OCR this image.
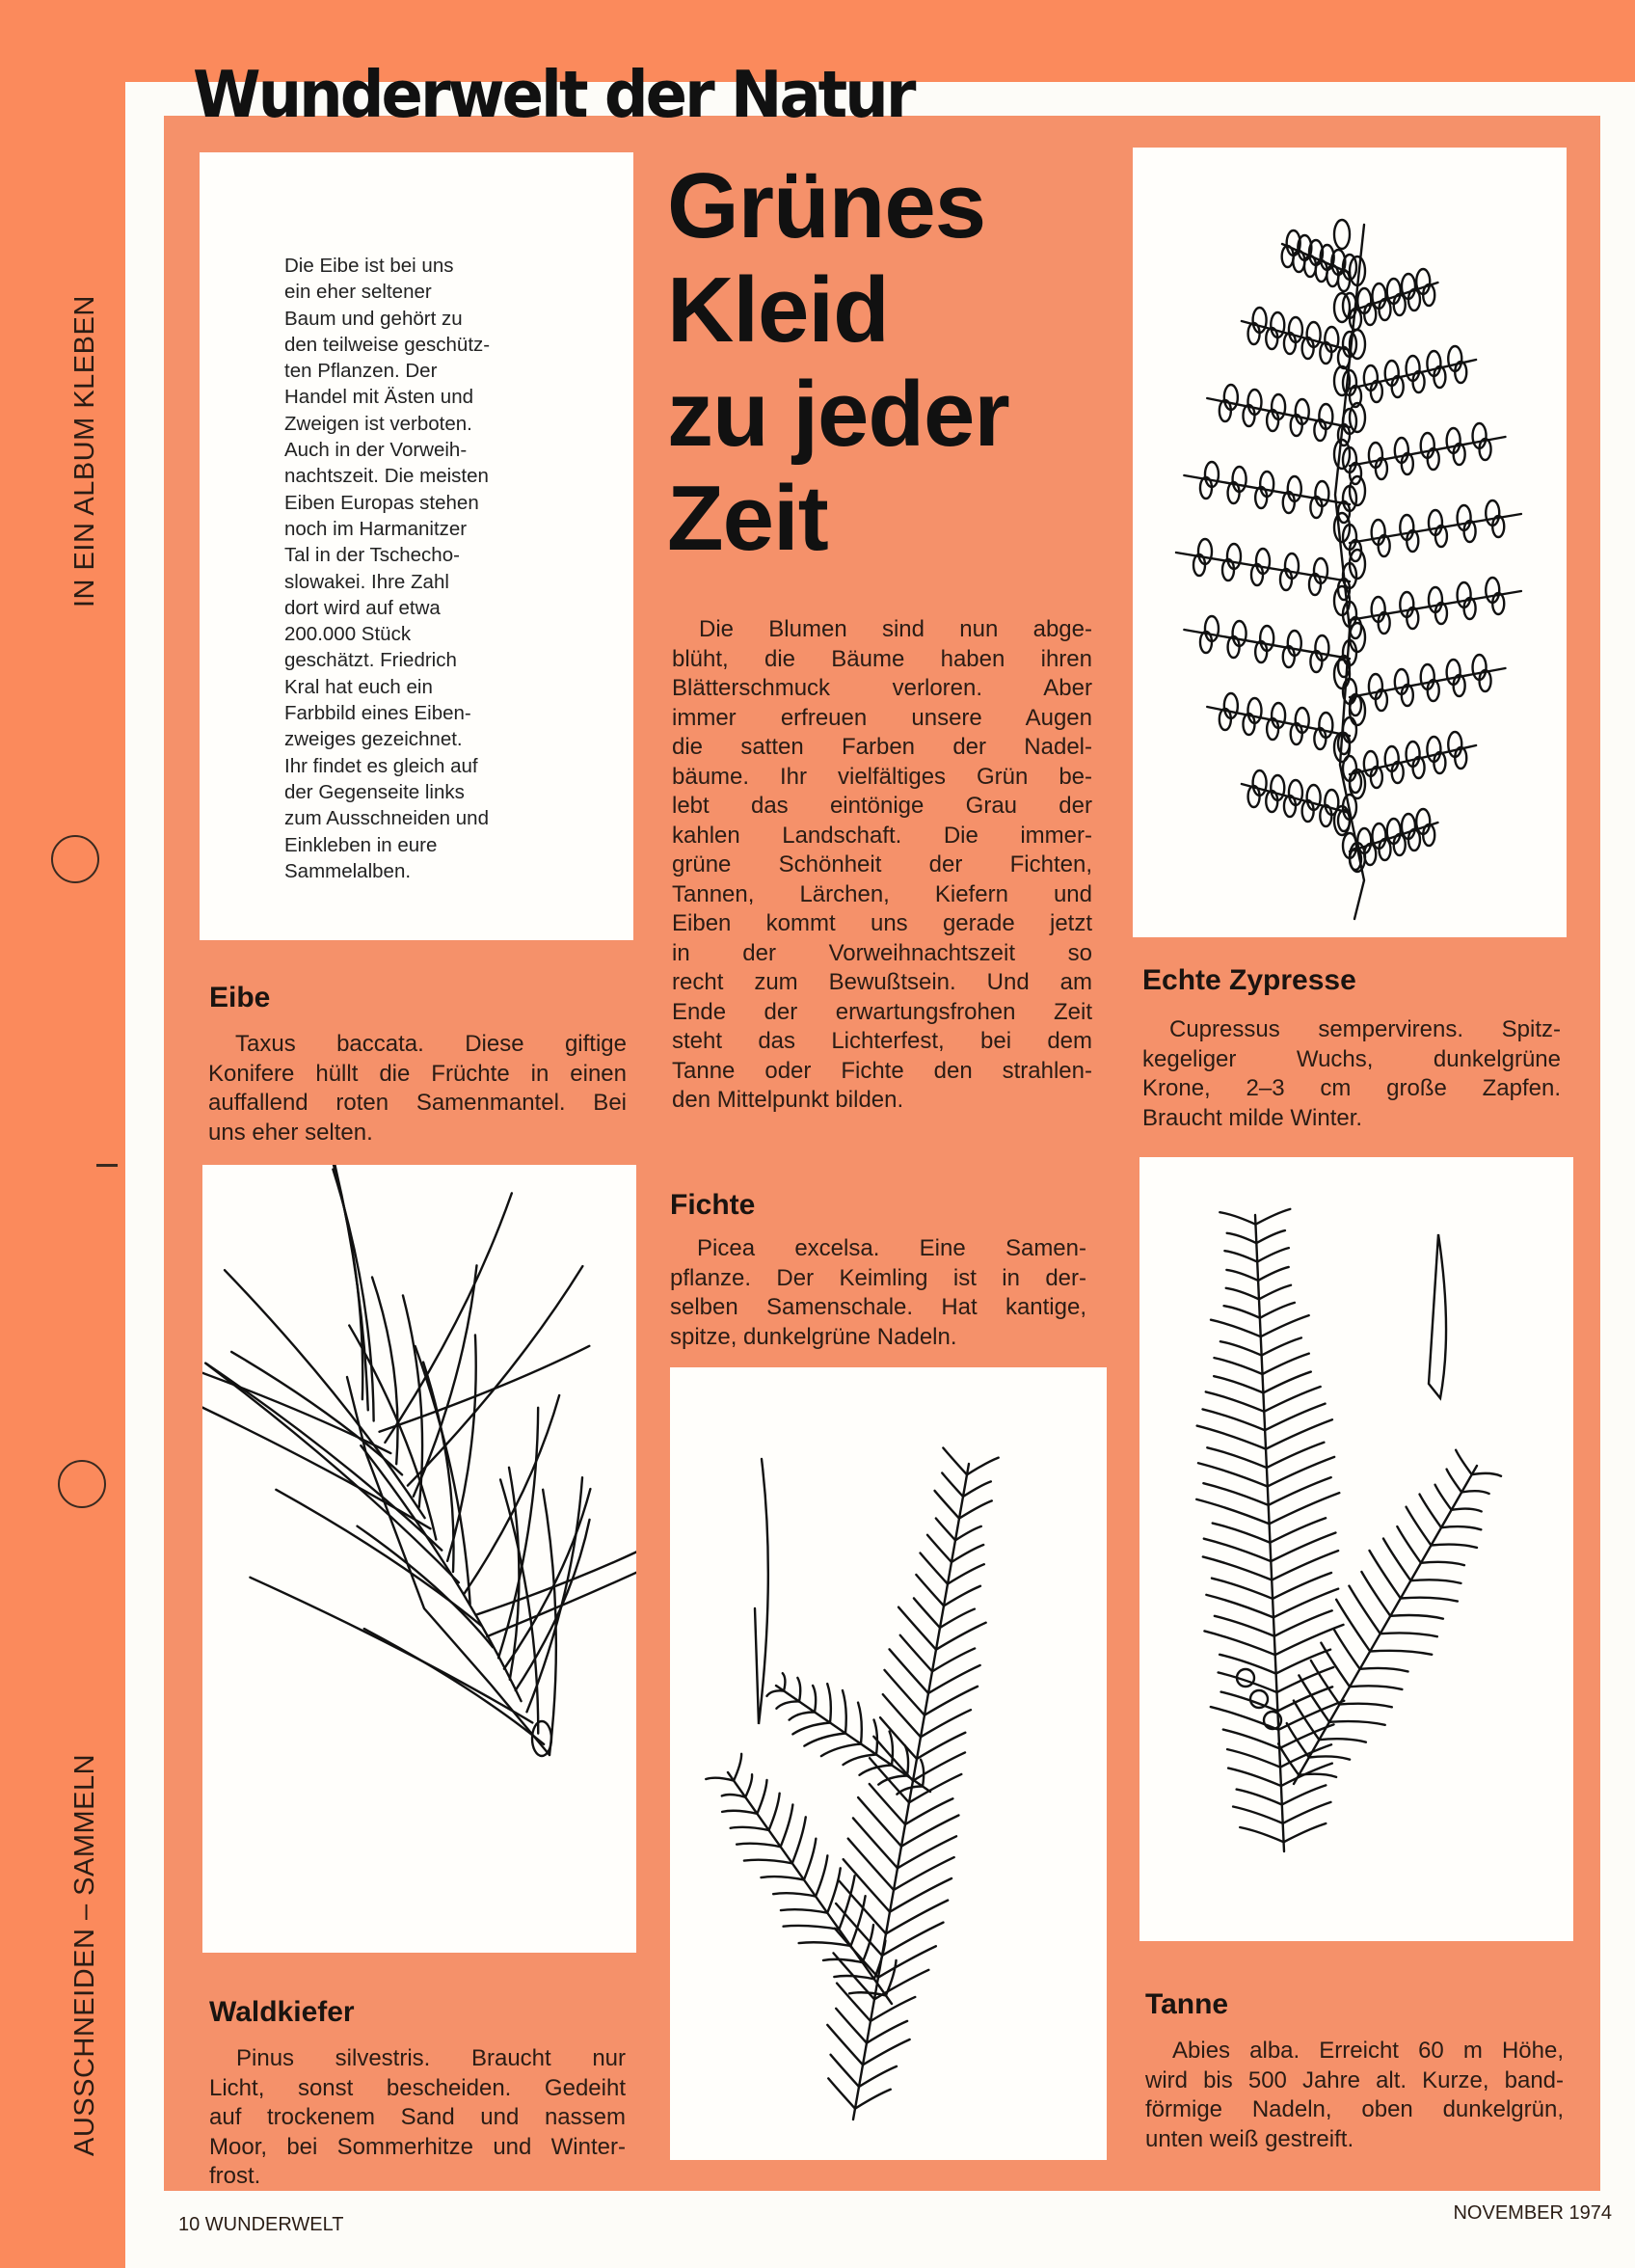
Wunderwelt der Natur
IN EIN ALBUM KLEBEN
AUSSCHNEIDEN – SAMMELN
Die Eibe ist bei uns
ein eher seltener
Baum und gehört zu
den teilweise geschütz-
ten Pflanzen. Der
Handel mit Ästen und
Zweigen ist verboten.
Auch in der Vorweih-
nachtszeit. Die meisten
Eiben Europas stehen
noch im Harmanitzer
Tal in der Tschecho-
slowakei. Ihre Zahl
dort wird auf etwa
200.000 Stück
geschätzt. Friedrich
Kral hat euch ein
Farbbild eines Eiben-
zweiges gezeichnet.
Ihr findet es gleich auf
der Gegenseite links
zum Ausschneiden und
Einkleben in eure
Sammelalben.
Grünes
Kleid
zu jeder
Zeit
Die Blumen sind nun abge-
blüht, die Bäume haben ihren
Blätterschmuck verloren. Aber
immer erfreuen unsere Augen
die satten Farben der Nadel-
bäume. Ihr vielfältiges Grün be-
lebt das eintönige Grau der
kahlen Landschaft. Die immer-
grüne Schönheit der Fichten,
Tannen, Lärchen, Kiefern und
Eiben kommt uns gerade jetzt
in der Vorweihnachtszeit so
recht zum Bewußtsein. Und am
Ende der erwartungsfrohen Zeit
steht das Lichterfest, bei dem
Tanne oder Fichte den strahlen-
den Mittelpunkt bilden.
Echte Zypresse
Cupressus sempervirens. Spitz-
kegeliger Wuchs, dunkelgrüne
Krone, 2–3 cm große Zapfen.
Braucht milde Winter.
Eibe
Taxus baccata. Diese giftige
Konifere hüllt die Früchte in einen
auffallend roten Samenmantel. Bei
uns eher selten.
Fichte
Picea excelsa. Eine Samen-
pflanze. Der Keimling ist in der-
selben Samenschale. Hat kantige,
spitze, dunkelgrüne Nadeln.
Waldkiefer
Pinus silvestris. Braucht nur
Licht, sonst bescheiden. Gedeiht
auf trockenem Sand und nassem
Moor, bei Sommerhitze und Winter-
frost.
Tanne
Abies alba. Erreicht 60 m Höhe,
wird bis 500 Jahre alt. Kurze, band-
förmige Nadeln, oben dunkelgrün,
unten weiß gestreift.
10 WUNDERWELT
NOVEMBER 1974
